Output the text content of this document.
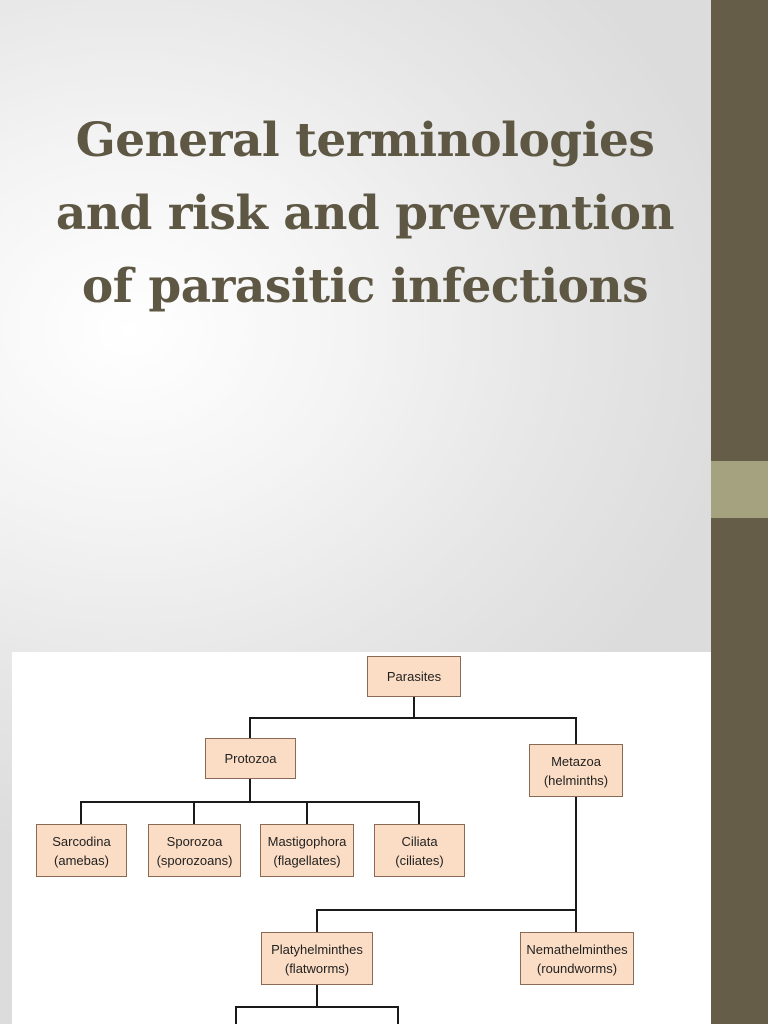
General terminologies
and risk and prevention
of parasitic infections
Parasites
Protozoa	Metazoa
(helminths)
Sarcodina
(amebas)
Sporozoa
(sporozoans)
Mastigophora
(flagellates)
Ciliata
(ciliates)
Platyhelminthes
(flatworms)
Nemathelminthes
(roundworms)
